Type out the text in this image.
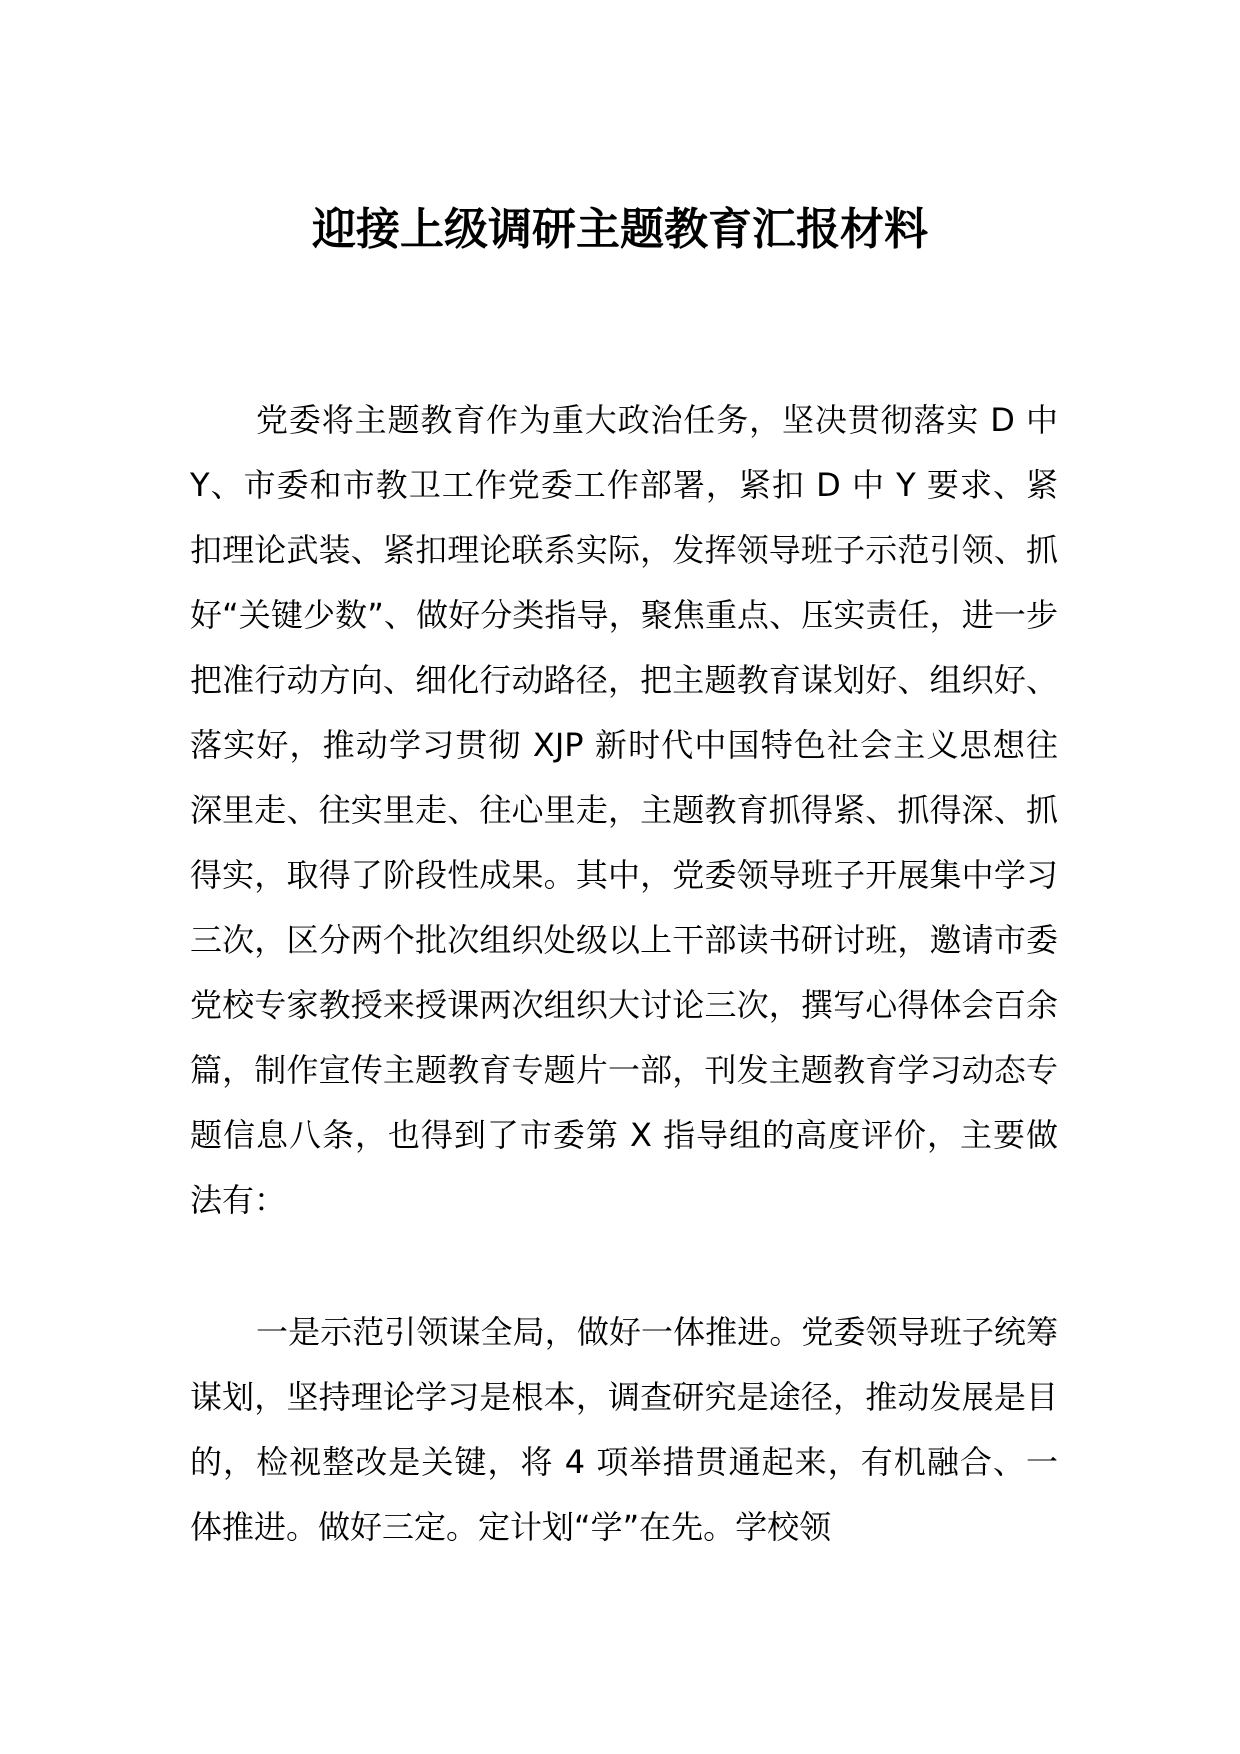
迎接上级调研主题教育汇报材料

党委将主题教育作为重大政治任务，坚决贯彻落实 D 中 Y、市委和市教卫工作党委工作部署，紧扣 D 中 Y 要求、紧扣理论武装、紧扣理论联系实际，发挥领导班子示范引领、抓好“关键少数”、做好分类指导，聚焦重点、压实责任，进一步把准行动方向、细化行动路径，把主题教育谋划好、组织好、落实好，推动学习贯彻 XJP 新时代中国特色社会主义思想往深里走、往实里走、往心里走，主题教育抓得紧、抓得深、抓得实，取得了阶段性成果。其中，党委领导班子开展集中学习三次，区分两个批次组织处级以上干部读书研讨班，邀请市委党校专家教授来授课两次组织大讨论三次，撰写心得体会百余篇，制作宣传主题教育专题片一部，刊发主题教育学习动态专题信息八条，也得到了市委第 X 指导组的高度评价，主要做法有：

一是示范引领谋全局，做好一体推进。党委领导班子统筹谋划，坚持理论学习是根本，调查研究是途径，推动发展是目的，检视整改是关键，将 4 项举措贯通起来，有机融合、一体推进。做好三定。定计划“学”在先。学校领
